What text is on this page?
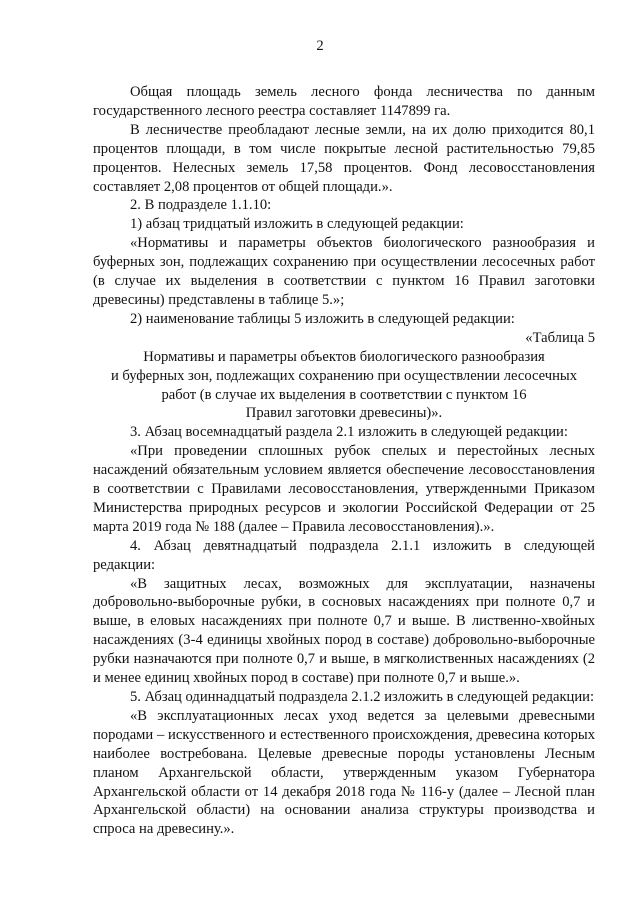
2

Общая площадь земель лесного фонда лесничества по данным государственного лесного реестра составляет 1147899 га.

В лесничестве преобладают лесные земли, на их долю приходится 80,1 процентов площади, в том числе покрытые лесной растительностью 79,85 процентов. Нелесных земель 17,58 процентов. Фонд лесовосстановления составляет 2,08 процентов от общей площади.».

2. В подразделе 1.1.10:

1) абзац тридцатый изложить в следующей редакции:

«Нормативы и параметры объектов биологического разнообразия и буферных зон, подлежащих сохранению при осуществлении лесосечных работ (в случае их выделения в соответствии с пунктом 16 Правил заготовки древесины) представлены в таблице 5.»;

2) наименование таблицы 5 изложить в следующей редакции:

«Таблица 5

Нормативы и параметры объектов биологического разнообразия
и буферных зон, подлежащих сохранению при осуществлении лесосечных
работ (в случае их выделения в соответствии с пунктом 16
Правил заготовки древесины)».

3. Абзац восемнадцатый раздела 2.1 изложить в следующей редакции:

«При проведении сплошных рубок спелых и перестойных лесных насаждений обязательным условием является обеспечение лесовосстановления в соответствии с Правилами лесовосстановления, утвержденными Приказом Министерства природных ресурсов и экологии Российской Федерации от 25 марта 2019 года № 188 (далее – Правила лесовосстановления).».

4. Абзац девятнадцатый подраздела 2.1.1 изложить в следующей редакции:

«В защитных лесах, возможных для эксплуатации, назначены добровольно-выборочные рубки, в сосновых насаждениях при полноте 0,7 и выше, в еловых насаждениях при полноте 0,7 и выше. В лиственно-хвойных насаждениях (3-4 единицы хвойных пород в составе) добровольно-выборочные рубки назначаются при полноте 0,7 и выше, в мягколиственных насаждениях (2 и менее единиц хвойных пород в составе) при полноте 0,7 и выше.».

5. Абзац одиннадцатый подраздела 2.1.2 изложить в следующей редакции:

«В эксплуатационных лесах уход ведется за целевыми древесными породами – искусственного и естественного происхождения, древесина которых наиболее востребована. Целевые древесные породы установлены Лесным планом Архангельской области, утвержденным указом Губернатора Архангельской области от 14 декабря 2018 года № 116-у (далее – Лесной план Архангельской области) на основании анализа структуры производства и спроса на древесину.».
